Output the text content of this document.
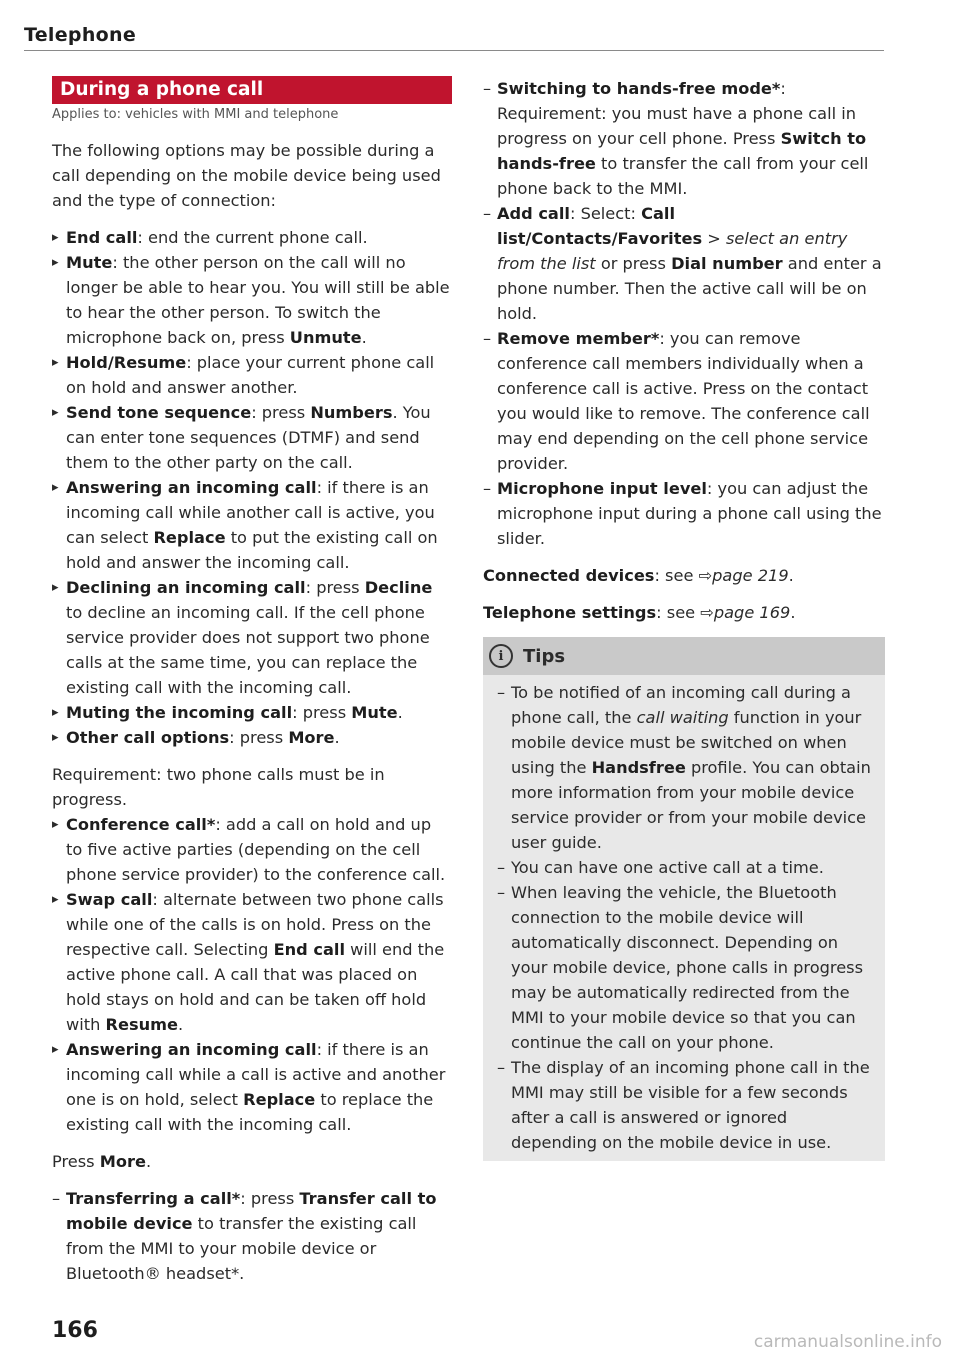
Telephone
During a phone call
Applies to: vehicles with MMI and telephone

The following options may be possible during a call depending on the mobile device being used and the type of connection:

▸ End call: end the current phone call.
▸ Mute: the other person on the call will no longer be able to hear you. You will still be able to hear the other person. To switch the microphone back on, press Unmute.
▸ Hold/Resume: place your current phone call on hold and answer another.
▸ Send tone sequence: press Numbers. You can enter tone sequences (DTMF) and send them to the other party on the call.
▸ Answering an incoming call: if there is an incoming call while another call is active, you can select Replace to put the existing call on hold and answer the incoming call.
▸ Declining an incoming call: press Decline to decline an incoming call. If the cell phone service provider does not support two phone calls at the same time, you can replace the existing call with the incoming call.
▸ Muting the incoming call: press Mute.
▸ Other call options: press More.

Requirement: two phone calls must be in progress.

▸ Conference call*: add a call on hold and up to five active parties (depending on the cell phone service provider) to the conference call.
▸ Swap call: alternate between two phone calls while one of the calls is on hold. Press on the respective call. Selecting End call will end the active phone call. A call that was placed on hold stays on hold and can be taken off hold with Resume.
▸ Answering an incoming call: if there is an incoming call while a call is active and another one is on hold, select Replace to replace the existing call with the incoming call.

Press More.

– Transferring a call*: press Transfer call to mobile device to transfer the existing call from the MMI to your mobile device or Bluetooth® headset*.
– Switching to hands-free mode*: Requirement: you must have a phone call in progress on your cell phone. Press Switch to hands-free to transfer the call from your cell phone back to the MMI.
– Add call: Select: Call list/Contacts/Favorites > select an entry from the list or press Dial number and enter a phone number. Then the active call will be on hold.
– Remove member*: you can remove conference call members individually when a conference call is active. Press on the contact you would like to remove. The conference call may end depending on the cell phone service provider.
– Microphone input level: you can adjust the microphone input during a phone call using the slider.

Connected devices: see ⇨page 219.

Telephone settings: see ⇨page 169.

i	Tips
– To be notified of an incoming call during a phone call, the call waiting function in your mobile device must be switched on when using the Handsfree profile. You can obtain more information from your mobile device service provider or from your mobile device user guide.
– You can have one active call at a time.
– When leaving the vehicle, the Bluetooth connection to the mobile device will automatically disconnect. Depending on your mobile device, phone calls in progress may be automatically redirected from the MMI to your mobile device so that you can continue the call on your phone.
– The display of an incoming phone call in the MMI may still be visible for a few seconds after a call is answered or ignored depending on the mobile device in use.
166	carmanualsonline.info
